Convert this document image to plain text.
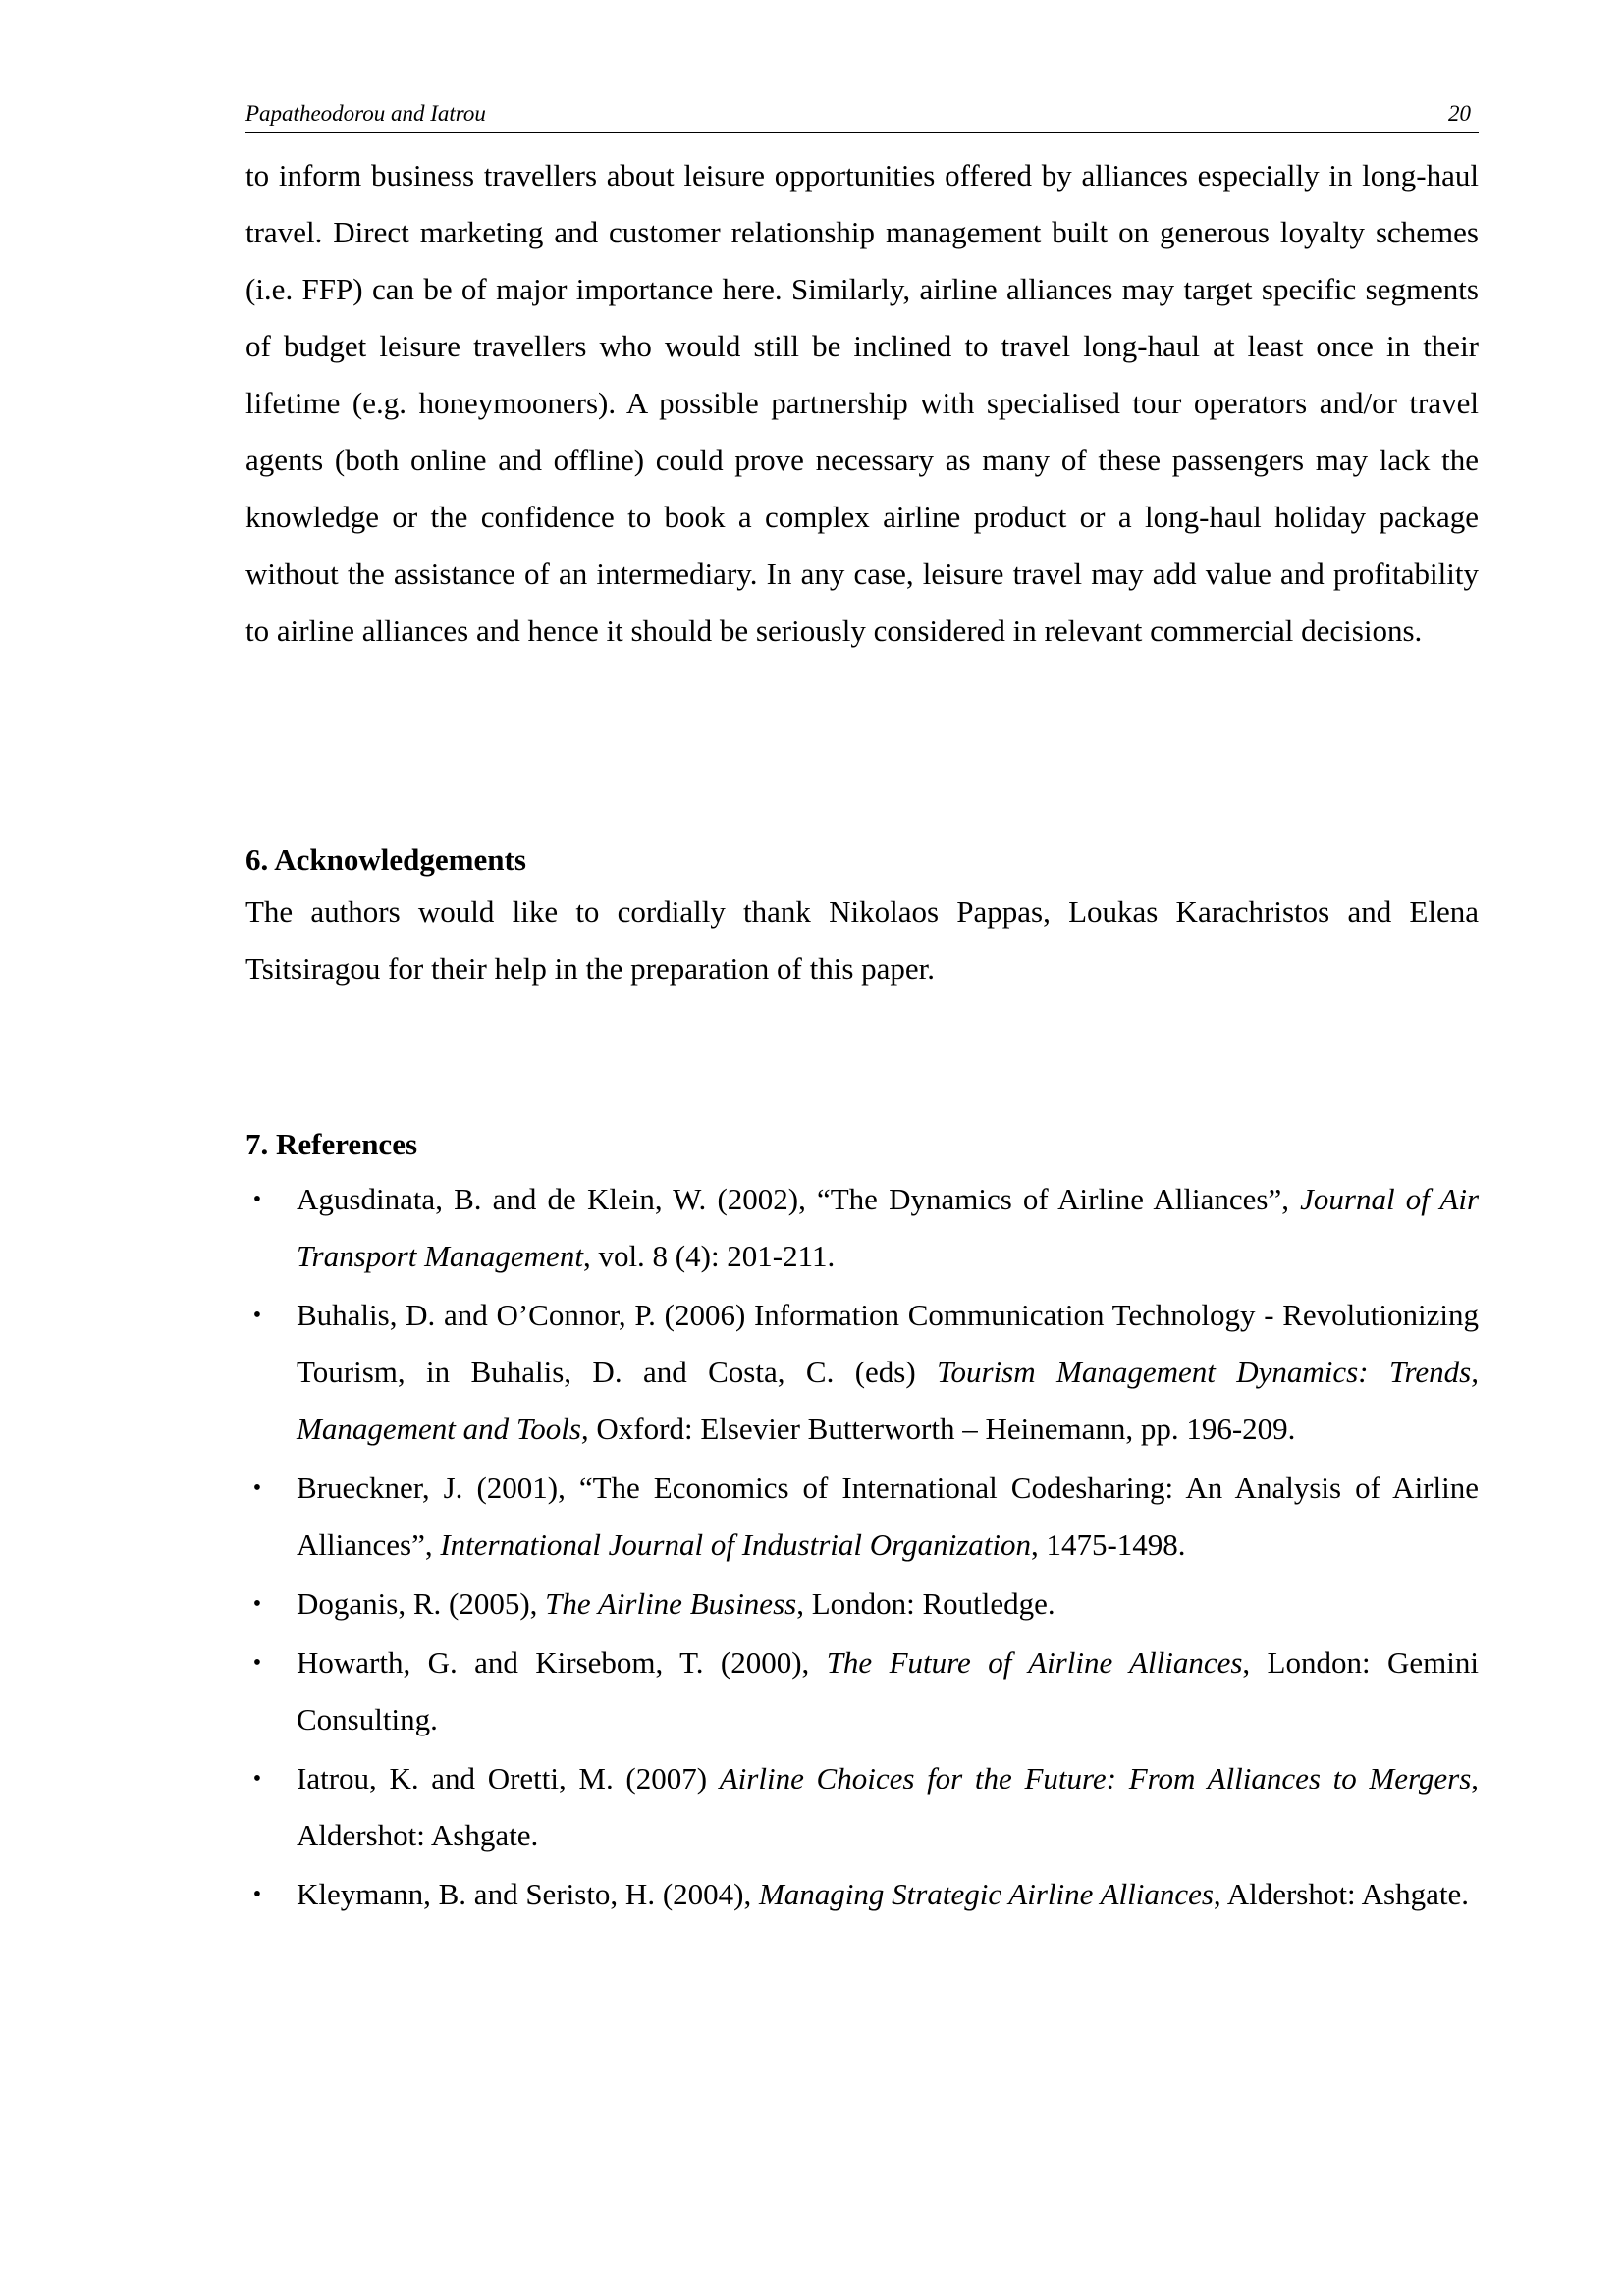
Papatheodorou and Iatrou	20

to inform business travellers about leisure opportunities offered by alliances especially in long-haul travel. Direct marketing and customer relationship management built on generous loyalty schemes (i.e. FFP) can be of major importance here. Similarly, airline alliances may target specific segments of budget leisure travellers who would still be inclined to travel long-haul at least once in their lifetime (e.g. honeymooners). A possible partnership with specialised tour operators and/or travel agents (both online and offline) could prove necessary as many of these passengers may lack the knowledge or the confidence to book a complex airline product or a long-haul holiday package without the assistance of an intermediary. In any case, leisure travel may add value and profitability to airline alliances and hence it should be seriously considered in relevant commercial decisions.

6. Acknowledgements

The authors would like to cordially thank Nikolaos Pappas, Loukas Karachristos and Elena Tsitsiragou for their help in the preparation of this paper.

7. References
• Agusdinata, B. and de Klein, W. (2002), “The Dynamics of Airline Alliances”, Journal of Air Transport Management, vol. 8 (4): 201-211.
• Buhalis, D. and O’Connor, P. (2006) Information Communication Technology - Revolutionizing Tourism, in Buhalis, D. and Costa, C. (eds) Tourism Management Dynamics: Trends, Management and Tools, Oxford: Elsevier Butterworth – Heinemann, pp. 196-209.
• Brueckner, J. (2001), “The Economics of International Codesharing: An Analysis of Airline Alliances”, International Journal of Industrial Organization, 1475-1498.
• Doganis, R. (2005), The Airline Business, London: Routledge.
• Howarth, G. and Kirsebom, T. (2000), The Future of Airline Alliances, London: Gemini Consulting.
• Iatrou, K. and Oretti, M. (2007) Airline Choices for the Future: From Alliances to Mergers, Aldershot: Ashgate.
• Kleymann, B. and Seristo, H. (2004), Managing Strategic Airline Alliances, Aldershot: Ashgate.
